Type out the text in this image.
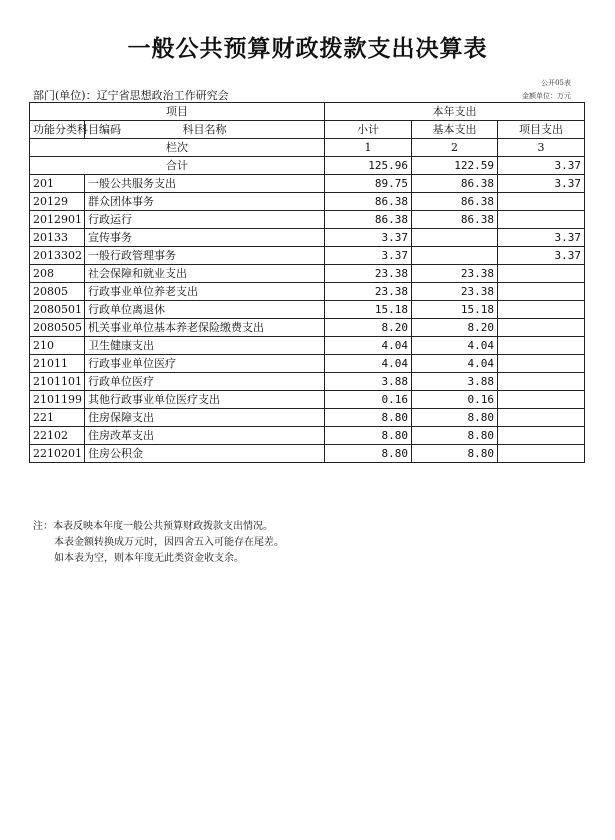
一般公共预算财政拨款支出决算表
公开05表
金额单位：万元
部门(单位)：辽宁省思想政治工作研究会
项目		本年支出		
功能分类科目编码	科目名称	小计	基本支出	项目支出
栏次		1	2	3
合计		125.96	122.59	3.37
201	一般公共服务支出	89.75	86.38	3.37
20129	群众团体事务	86.38	86.38	
2012901	行政运行	86.38	86.38	
20133	宣传事务	3.37		3.37
2013302	一般行政管理事务	3.37		3.37
208	社会保障和就业支出	23.38	23.38	
20805	行政事业单位养老支出	23.38	23.38	
2080501	行政单位离退休	15.18	15.18	
2080505	机关事业单位基本养老保险缴费支出	8.20	8.20	
210	卫生健康支出	4.04	4.04	
21011	行政事业单位医疗	4.04	4.04	
2101101	行政单位医疗	3.88	3.88	
2101199	其他行政事业单位医疗支出	0.16	0.16	
221	住房保障支出	8.80	8.80	
22102	住房改革支出	8.80	8.80	
2210201	住房公积金	8.80	8.80	
注：本表反映本年度一般公共预算财政拨款支出情况。
本表金额转换成万元时，因四舍五入可能存在尾差。
如本表为空，则本年度无此类资金收支余。
